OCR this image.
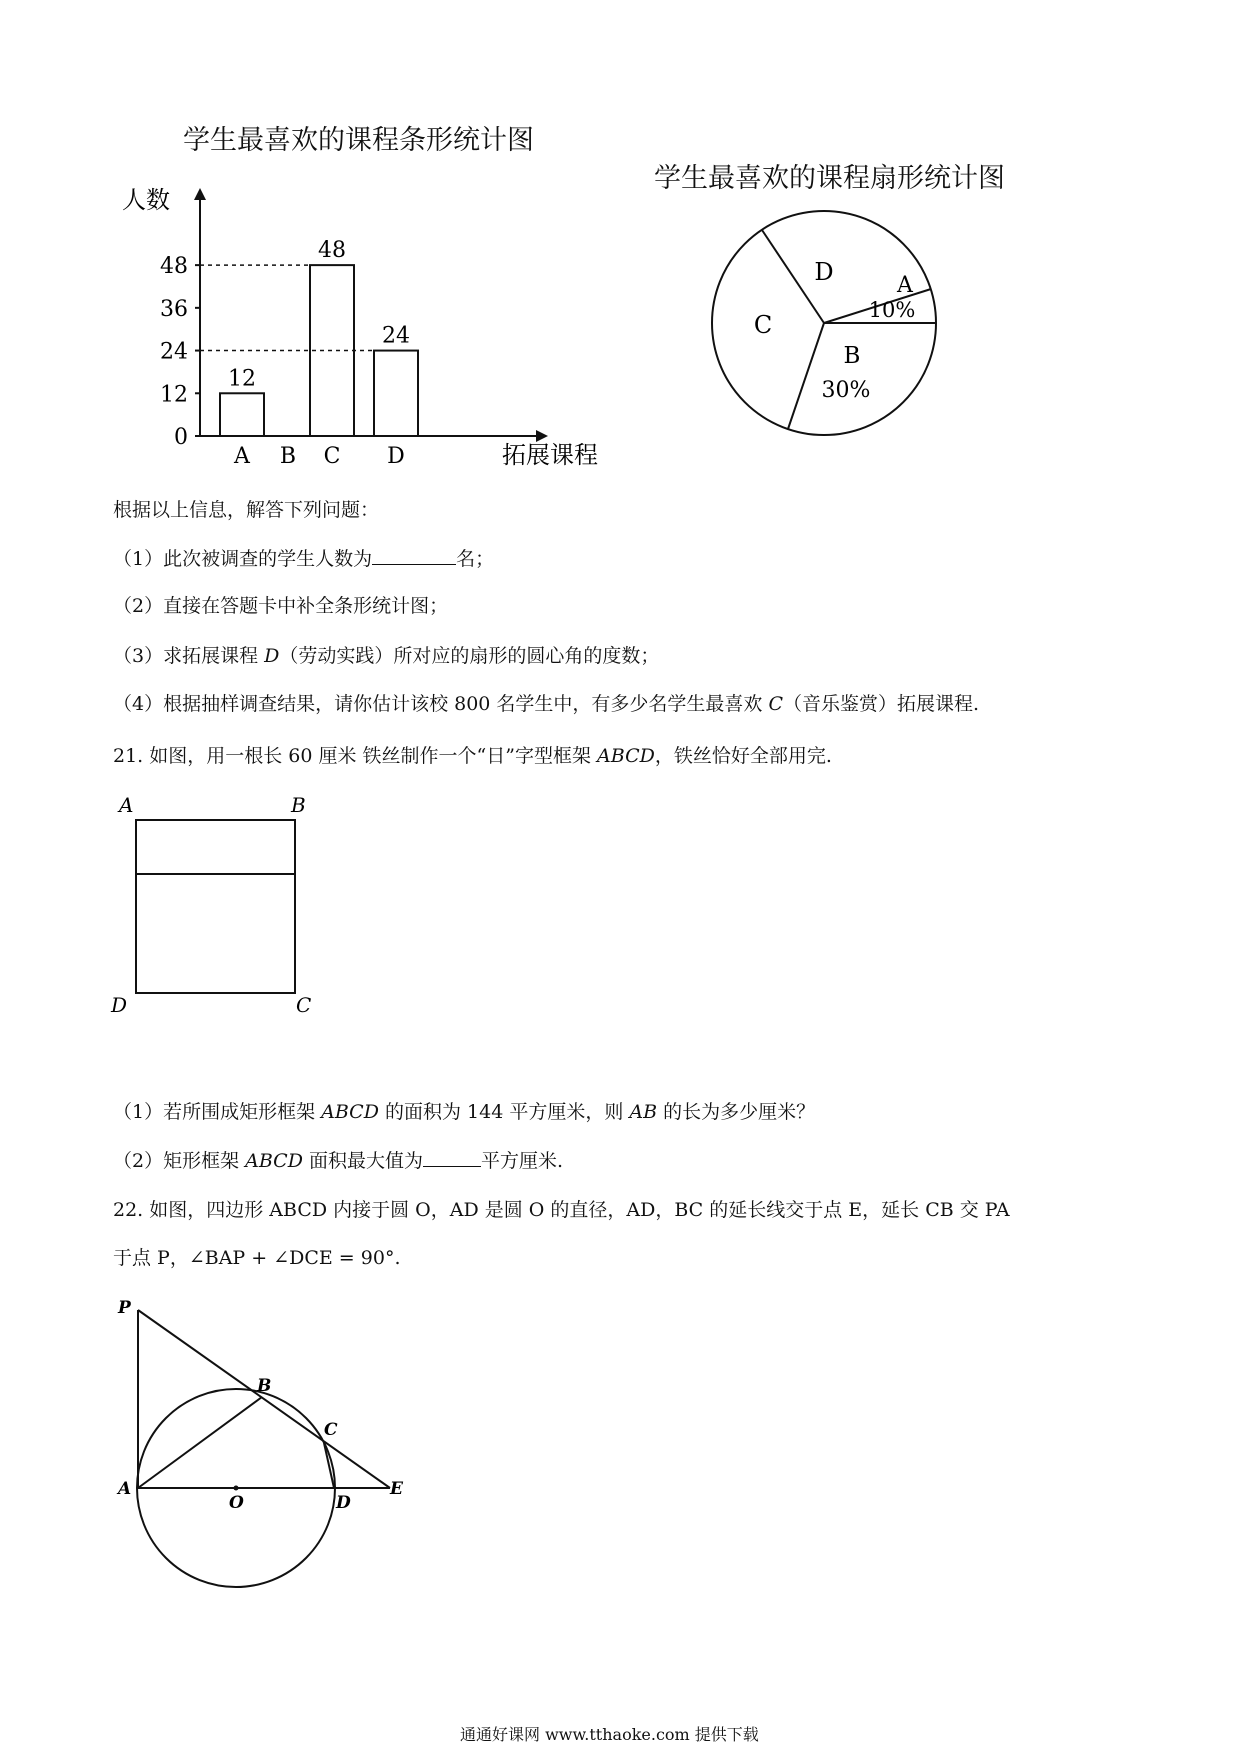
学生最喜欢的课程条形统计图
人数
拓展课程
0
12
24
36
48
12
A B
48
C
24
D
学生最喜欢的课程扇形统计图
D	A
10%
C
B
30%
根据以上信息，解答下列问题：
（1）此次被调查的学生人数为	名；
（2）直接在答题卡中补全条形统计图；
（3）求拓展课程 D（劳动实践）所对应的扇形的圆心角的度数；
（4）根据抽样调查结果，请你估计该校 800 名学生中，有多少名学生最喜欢 C（音乐鉴赏）拓展课程.
21. 如图，用一根长 60 厘米 铁丝制作一个“日”字型框架 ABCD，铁丝恰好全部用完.
A	B
D	C
（1）若所围成矩形框架 ABCD 的面积为 144 平方厘米，则 AB 的长为多少厘米？
（2）矩形框架 ABCD 面积最大值为	平方厘米.
22. 如图，四边形 ABCD 内接于圆 O，AD 是圆 O 的直径，AD，BC 的延长线交于点 E，延长 CB 交 PA
于点 P，∠BAP + ∠DCE = 90°.
P
B
C
A
O	D
E
通通好课网 www.tthaoke.com 提供下载
